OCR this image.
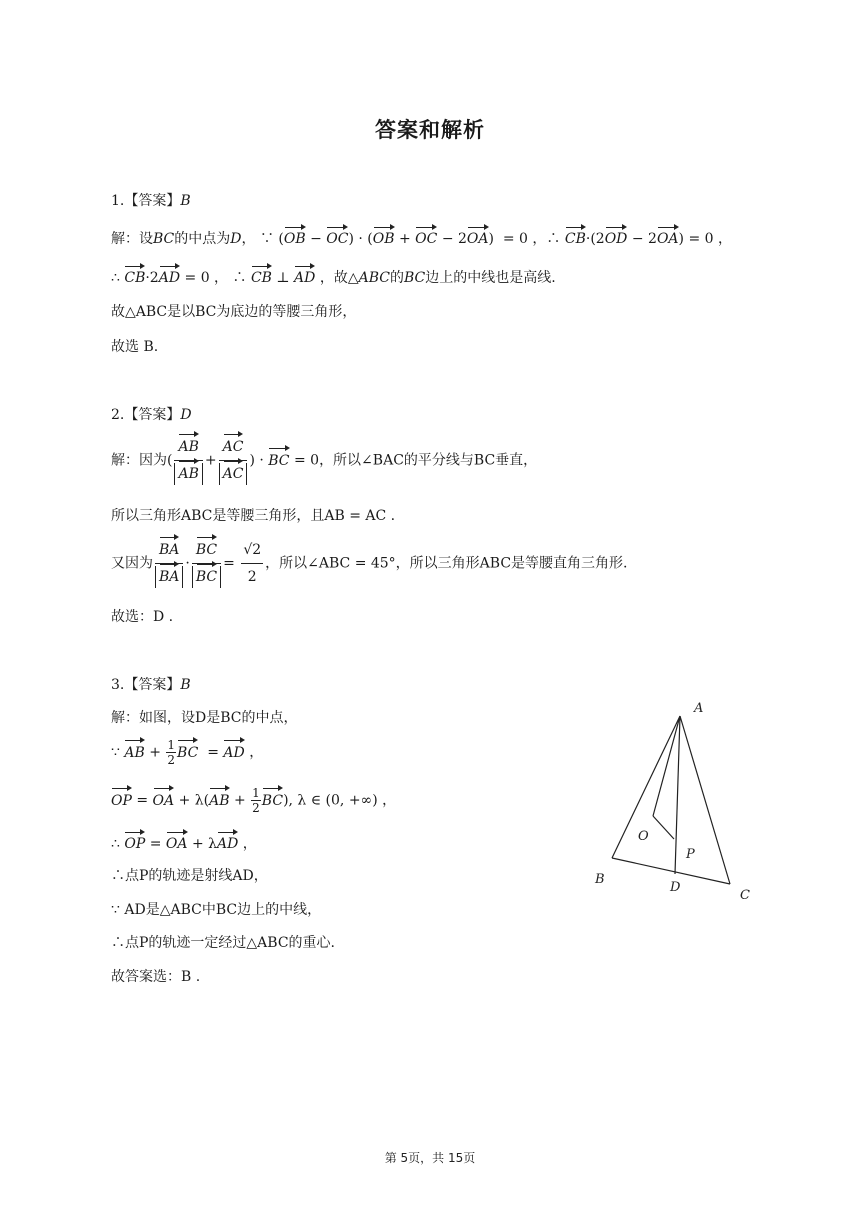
答案和解析
1.【答案】B
解：设BC的中点为D， ∵ (OB − OC) · (OB + OC − 2OA)  = 0 ，∴ CB·(2OD − 2OA) = 0 ，
∴ CB·2AD = 0 ， ∴ CB ⊥ AD ，故△ABC的BC边上的中线也是高线.
故△ABC是以BC为底边的等腰三角形，
故选 B.
2.【答案】D
解：因为( $\frac{AB}{AB} + \frac{AC}{AC}$ ) · BC = 0，所以∠BAC的平分线与BC垂直，
所以三角形ABC是等腰三角形，且AB = AC .
又因为 $\frac{BA}{BA} \cdot \frac{BC}{BC} = \frac{√2}{2}$ ，所以∠ABC = 45°，所以三角形ABC是等腰直角三角形.
故选：D .
3.【答案】B
解：如图，设D是BC的中点，
∵ AB + $\frac{1}{2}$ BC  = AD ，
OP = OA + $\lambda(AB + \frac{1}{2} BC)$, λ ∈ (0, +∞) ，
∴ OP = OA + λAD ，
∴点P的轨迹是射线AD，
∵ AD是△ABC中BC边上的中线，
∴点P的轨迹一定经过△ABC的重心.
故答案选：B .
A
B
C
D
O
P
第 5页，共 15页
